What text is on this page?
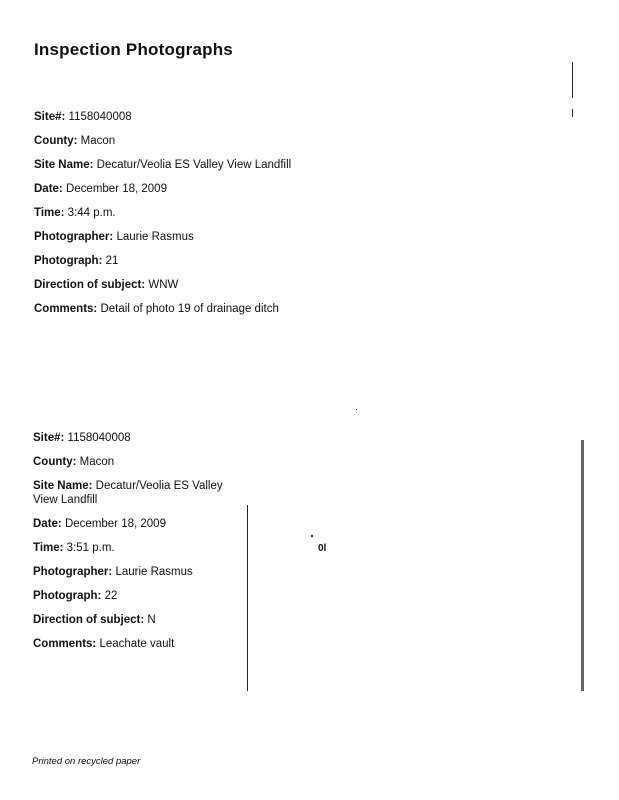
Inspection Photographs
Site#: 1158040008
County: Macon
Site Name: Decatur/Veolia ES Valley View Landfill
Date: December 18, 2009
Time: 3:44 p.m.
Photographer: Laurie Rasmus
Photograph: 21
Direction of subject: WNW
Comments: Detail of photo 19 of drainage ditch
Site#: 1158040008
County: Macon
Site Name: Decatur/Veolia ES Valley View Landfill
Date: December 18, 2009
Time: 3:51 p.m.
Photographer: Laurie Rasmus
Photograph: 22
Direction of subject: N
Comments: Leachate vault
0l
Printed on recycled paper
